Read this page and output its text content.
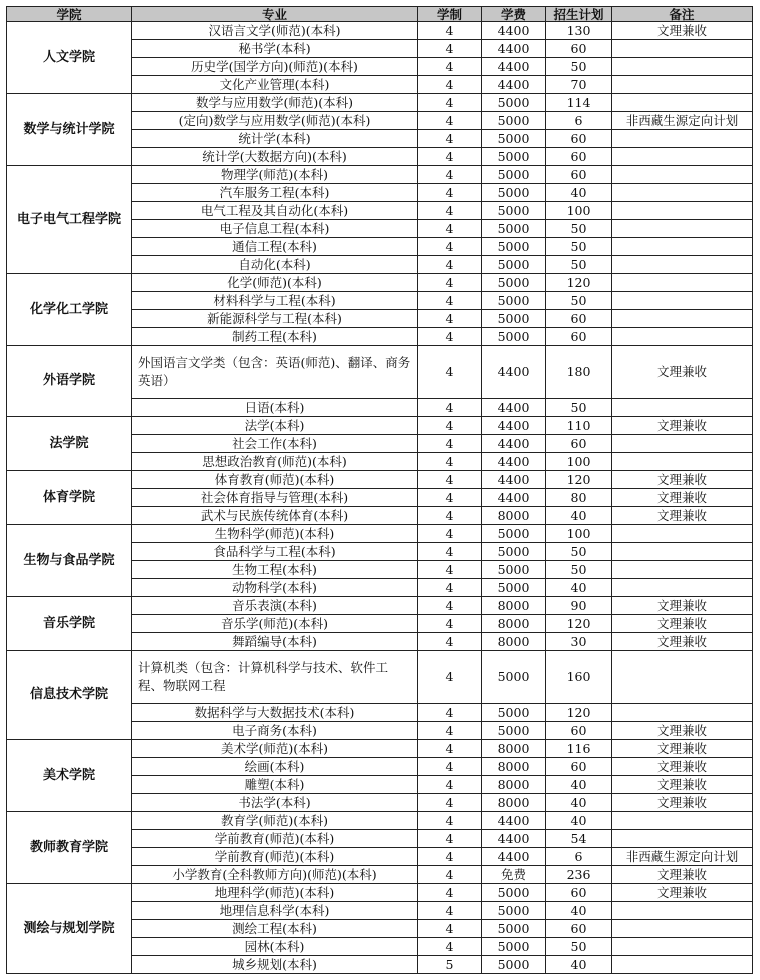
学院	专业	学制	学费	招生计划	备注
人文学院	汉语言文学(师范)(本科)	4	4400	130	文理兼收
	秘书学(本科)	4	4400	60	
	历史学(国学方向)(师范)(本科)	4	4400	50	
	文化产业管理(本科)	4	4400	70	
数学与统计学院	数学与应用数学(师范)(本科)	4	5000	114	
	(定向)数学与应用数学(师范)(本科)	4	5000	6	非西藏生源定向计划
	统计学(本科)	4	5000	60	
	统计学(大数据方向)(本科)	4	5000	60	
电子电气工程学院	物理学(师范)(本科)	4	5000	60	
	汽车服务工程(本科)	4	5000	40	
	电气工程及其自动化(本科)	4	5000	100	
	电子信息工程(本科)	4	5000	50	
	通信工程(本科)	4	5000	50	
	自动化(本科)	4	5000	50	
化学化工学院	化学(师范)(本科)	4	5000	120	
	材料科学与工程(本科)	4	5000	50	
	新能源科学与工程(本科)	4	5000	60	
	制药工程(本科)	4	5000	60	
外语学院	外国语言文学类（包含：英语(师范)、翻译、商务英语）	4	4400	180	文理兼收
	日语(本科)	4	4400	50	
法学院	法学(本科)	4	4400	110	文理兼收
	社会工作(本科)	4	4400	60	
	思想政治教育(师范)(本科)	4	4400	100	
体育学院	体育教育(师范)(本科)	4	4400	120	文理兼收
	社会体育指导与管理(本科)	4	4400	80	文理兼收
	武术与民族传统体育(本科)	4	8000	40	文理兼收
生物与食品学院	生物科学(师范)(本科)	4	5000	100	
	食品科学与工程(本科)	4	5000	50	
	生物工程(本科)	4	5000	50	
	动物科学(本科)	4	5000	40	
音乐学院	音乐表演(本科)	4	8000	90	文理兼收
	音乐学(师范)(本科)	4	8000	120	文理兼收
	舞蹈编导(本科)	4	8000	30	文理兼收
信息技术学院	计算机类（包含：计算机科学与技术、软件工程、物联网工程	4	5000	160	
	数据科学与大数据技术(本科)	4	5000	120	
	电子商务(本科)	4	5000	60	文理兼收
美术学院	美术学(师范)(本科)	4	8000	116	文理兼收
	绘画(本科)	4	8000	60	文理兼收
	雕塑(本科)	4	8000	40	文理兼收
	书法学(本科)	4	8000	40	文理兼收
教师教育学院	教育学(师范)(本科)	4	4400	40	
	学前教育(师范)(本科)	4	4400	54	
	学前教育(师范)(本科)	4	4400	6	非西藏生源定向计划
	小学教育(全科教师方向)(师范)(本科)	4	免费	236	文理兼收
测绘与规划学院	地理科学(师范)(本科)	4	5000	60	文理兼收
	地理信息科学(本科)	4	5000	40	
	测绘工程(本科)	4	5000	60	
	园林(本科)	4	5000	50	
	城乡规划(本科)	5	5000	40	
